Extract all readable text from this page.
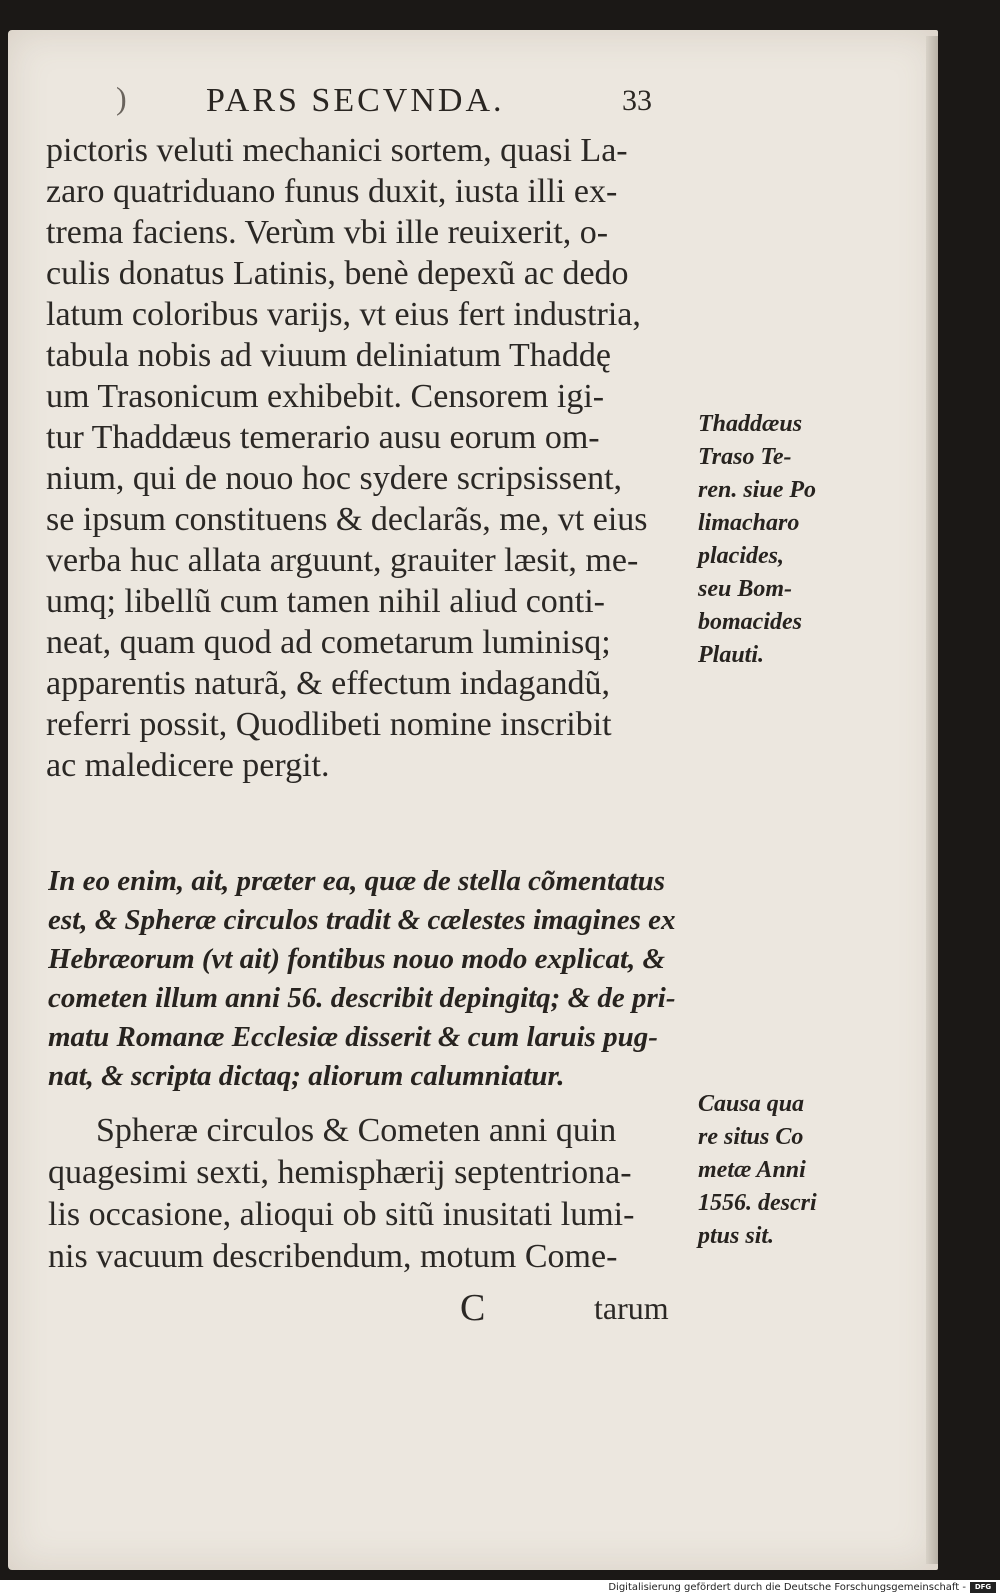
) PARS SECVNDA.	33
pictoris veluti mechanici sortem, quasi La-
zaro quatriduano funus duxit, iusta illi ex-
trema faciens. Verùm vbi ille reuixerit, o-
culis donatus Latinis, benè depexũ ac dedo
latum coloribus varijs, vt eius fert industria,
tabula nobis ad viuum deliniatum Thaddę
um Trasonicum exhibebit. Censorem igi-
tur Thaddæus temerario ausu eorum om-
nium, qui de nouo hoc sydere scripsissent,
se ipsum constituens & declarãs, me, vt eius
verba huc allata arguunt, grauiter læsit, me-
umq; libellũ cum tamen nihil aliud conti-
neat, quam quod ad cometarum luminisq;
apparentis naturã, & effectum indagandũ,
referri possit, Quodlibeti nomine inscribit
ac maledicere pergit.
In eo enim, ait, præter ea, quæ de stella cõmentatus
est, & Spheræ circulos tradit & cælestes imagines ex
Hebræorum (vt ait) fontibus nouo modo explicat, &
cometen illum anni 56. describit depingitq; & de pri-
matu Romanæ Ecclesiæ disserit & cum laruis pug-
nat, & scripta dictaq; aliorum calumniatur.
Spheræ circulos & Cometen anni quin
quagesimi sexti, hemisphærij septentriona-
lis occasione, alioqui ob sitũ inusitati lumi-
nis vacuum describendum, motum Come-
C	tarum
Thaddæus
Traso Te-
ren. siue Po
limacharo
placides,
seu Bom-
bomacides
Plauti.
Causa qua
re situs Co
metæ Anni
1556. descri
ptus sit.
Digitalisierung gefördert durch die Deutsche Forschungsgemeinschaft -	DFG
